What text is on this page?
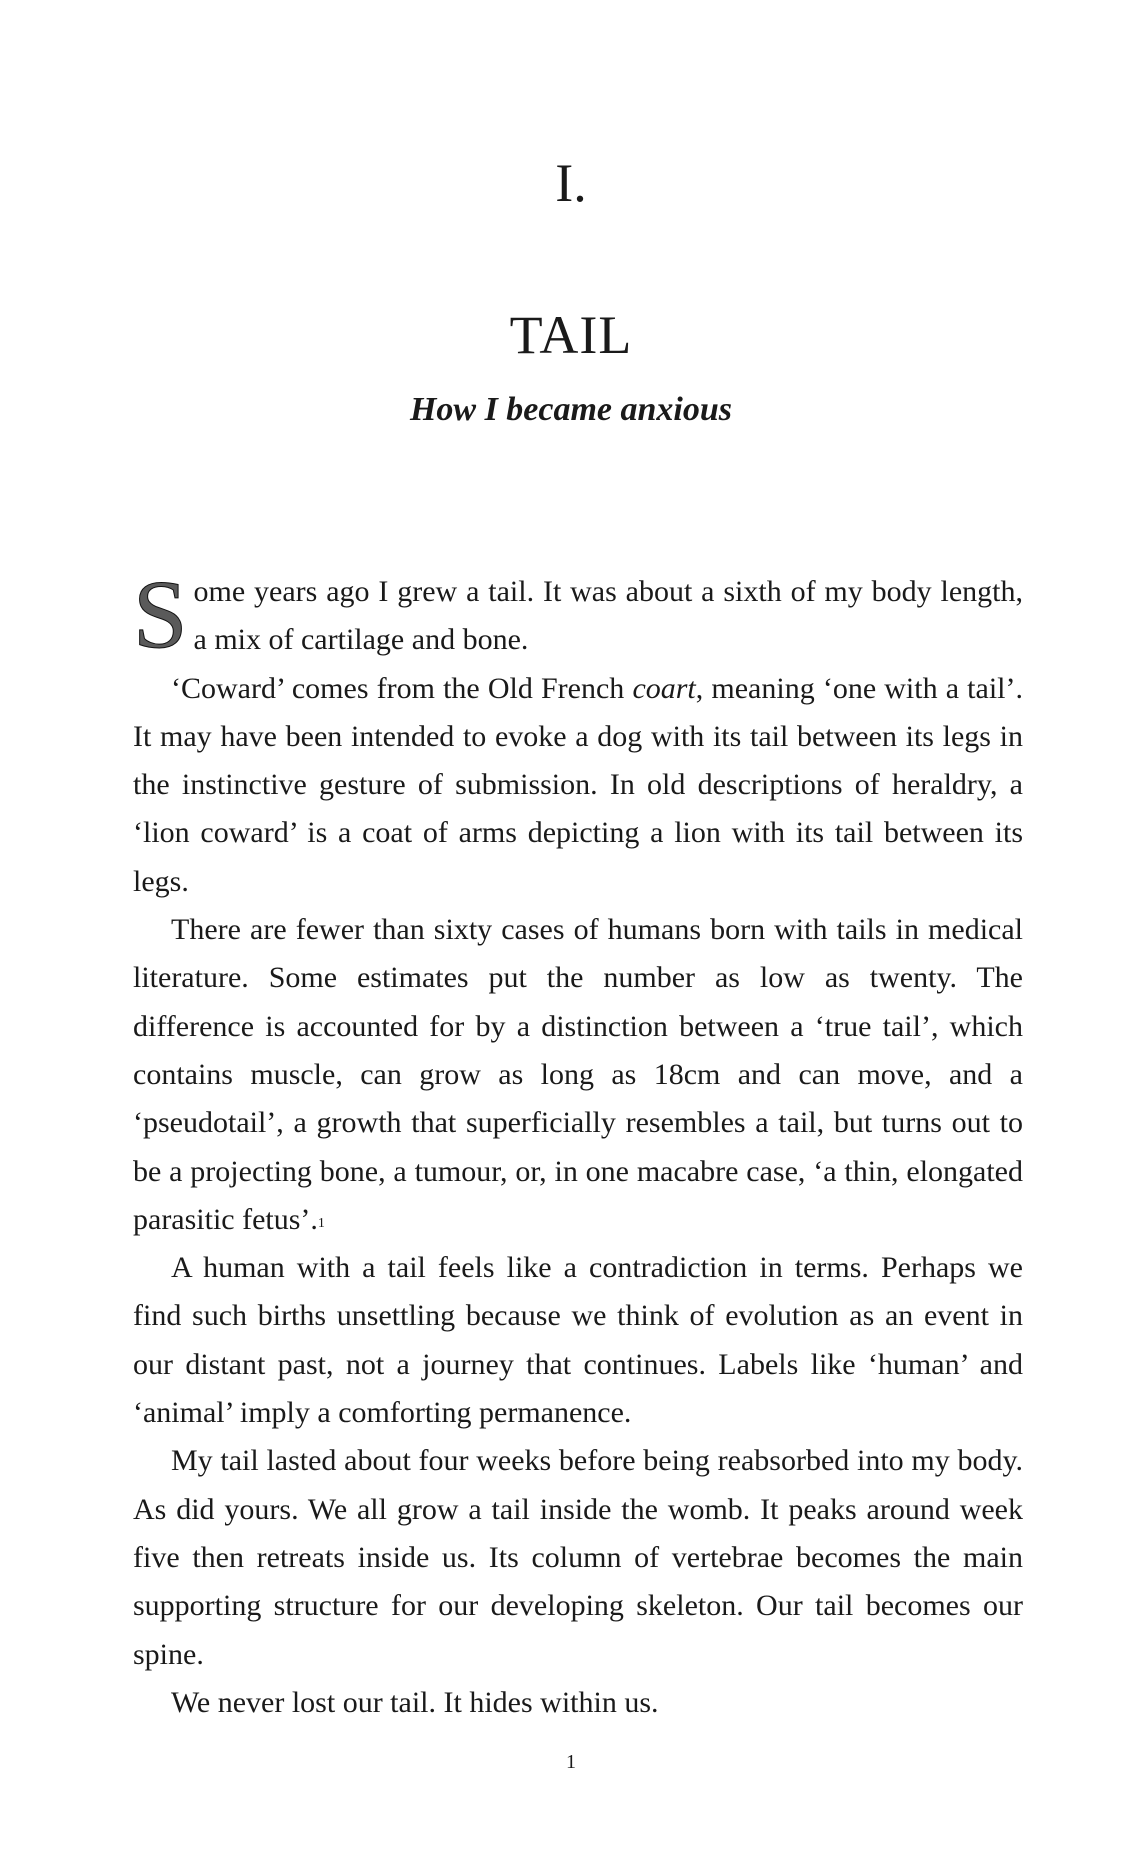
I.
TAIL
How I became anxious

Some years ago I grew a tail. It was about a sixth of my body length, a mix of cartilage and bone.

‘Coward’ comes from the Old French coart, meaning ‘one with a tail’. It may have been intended to evoke a dog with its tail between its legs in the instinctive gesture of submission. In old descriptions of heraldry, a ‘lion coward’ is a coat of arms depicting a lion with its tail between its legs.

There are fewer than sixty cases of humans born with tails in medical literature. Some estimates put the number as low as twenty. The difference is accounted for by a distinction between a ‘true tail’, which contains muscle, can grow as long as 18cm and can move, and a ‘pseudotail’, a growth that superficially resembles a tail, but turns out to be a projecting bone, a tumour, or, in one macabre case, ‘a thin, elongated parasitic fetus’.$^1$

A human with a tail feels like a contradiction in terms. Perhaps we find such births unsettling because we think of evolution as an event in our distant past, not a journey that continues. Labels like ‘human’ and ‘animal’ imply a comforting permanence.

My tail lasted about four weeks before being reabsorbed into my body. As did yours. We all grow a tail inside the womb. It peaks around week five then retreats inside us. Its column of vertebrae becomes the main supporting structure for our developing skeleton. Our tail becomes our spine.

We never lost our tail. It hides within us.

1
